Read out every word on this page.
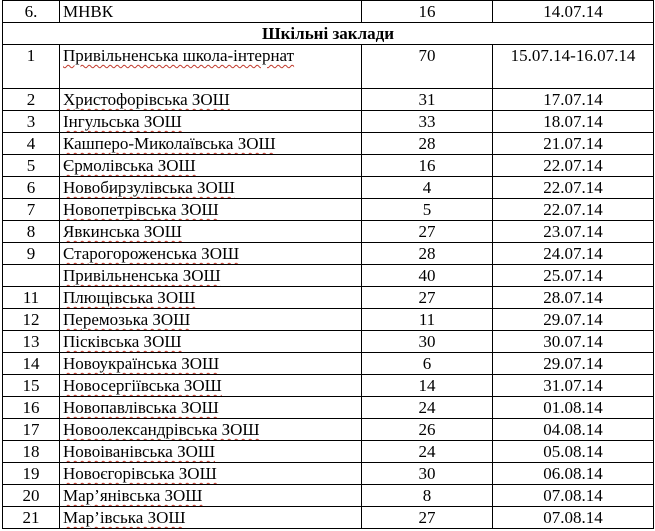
6.	МНВК	16	14.07.14
Шкільні заклади			
1	Привільненська школа-інтернат	70	15.07.14-16.07.14
2	Христофорівська ЗОШ	31	17.07.14
3	Інгульська ЗОШ	33	18.07.14
4	Кашперо-Миколаївська ЗОШ	28	21.07.14
5	Єрмолівська ЗОШ	16	22.07.14
6	Новобирзулівська ЗОШ	4	22.07.14
7	Новопетрівська ЗОШ	5	22.07.14
8	Явкинська ЗОШ	27	23.07.14
9	Старогороженська ЗОШ	28	24.07.14
	Привільненська ЗОШ	40	25.07.14
11	Плющівська ЗОШ	27	28.07.14
12	Перемозька ЗОШ	11	29.07.14
13	Пісківська ЗОШ	30	30.07.14
14	Новоукраїнська ЗОШ	6	29.07.14
15	Новосергіївська ЗОШ	14	31.07.14
16	Новопавлівська ЗОШ	24	01.08.14
17	Новоолександрівська ЗОШ	26	04.08.14
18	Новоіванівська ЗОШ	24	05.08.14
19	Новоєгорівська ЗОШ	30	06.08.14
20	Мар’янівська ЗОШ	8	07.08.14
21	Мар’івська ЗОШ	27	07.08.14
